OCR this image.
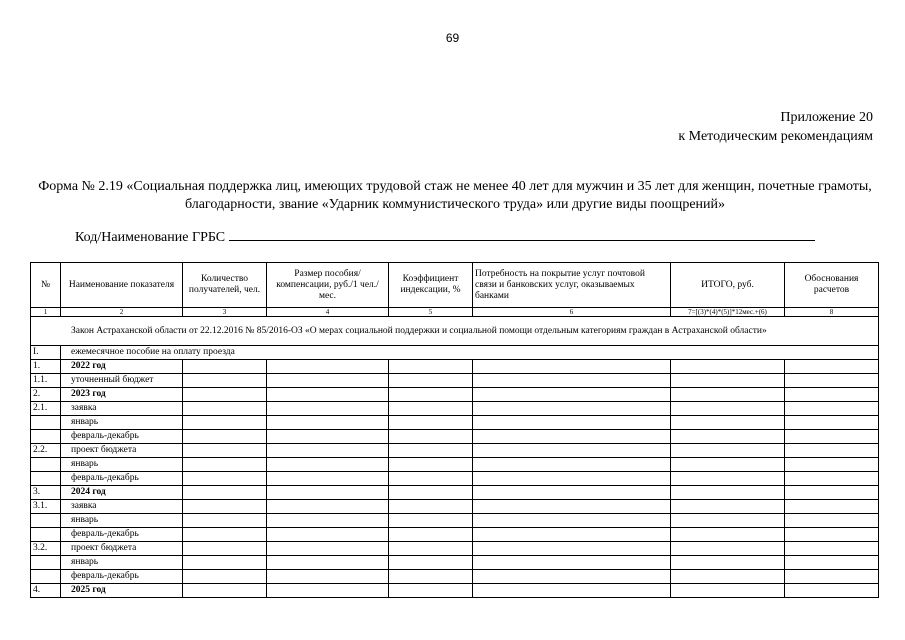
69
Приложение 20
к Методическим рекомендациям
Форма № 2.19 «Социальная поддержка лиц, имеющих трудовой стаж не менее 40 лет для мужчин и 35 лет для женщин, почетные грамоты, благодарности, звание «Ударник коммунистического труда» или другие виды поощрений»
Код/Наименование ГРБС
№	Наименование показателя	Количество получателей, чел.	Размер пособия/компенсации, руб./1 чел./мес.	Коэффициент индексации, %	Потребность на покрытие услуг почтовой связи и банковских услуг, оказываемых банками	ИТОГО, руб.	Обоснования расчетов
1	2	3	4	5	6	7=[(3)*(4)*(5)]*12мес.+(6)	8
Закон Астраханской области от 22.12.2016 № 85/2016-ОЗ «О мерах социальной поддержки и социальной помощи отдельным категориям граждан в Астраханской области»							
I.	ежемесячное пособие на оплату проезда						
1.	2022 год						
1.1.	уточненный бюджет						
2.	2023 год						
2.1.	заявка						
	январь						
	февраль-декабрь						
2.2.	проект бюджета						
	январь						
	февраль-декабрь						
3.	2024 год						
3.1.	заявка						
	январь						
	февраль-декабрь						
3.2.	проект бюджета						
	январь						
	февраль-декабрь						
4.	2025 год						
